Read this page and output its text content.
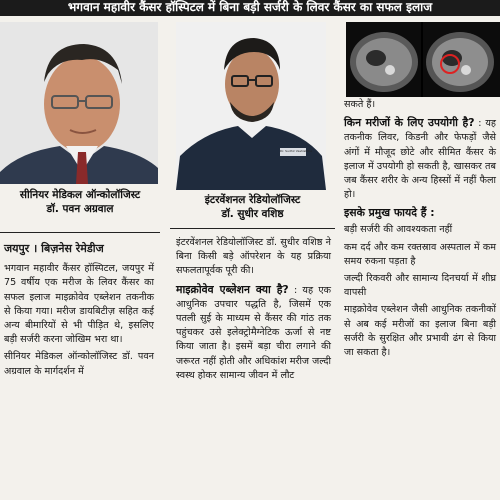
भगवान महावीर कैंसर हॉस्पिटल में बिना बड़ी सर्जरी के लिवर कैंसर का सफल इलाज
Dr. Sudhir Vashishtha
सीनियर मेडिकल ऑन्कोलॉजिस्ट
डॉ. पवन अग्रवाल
इंटरवेंशनल रेडियोलॉजिस्ट
डॉ. सुधीर वशिष्ठ
जयपुर । बिज़नेस रेमेडीज

भगवान महावीर कैंसर हॉस्पिटल, जयपुर में 75 वर्षीय एक मरीज के लिवर कैंसर का सफल इलाज माइक्रोवेव एब्लेशन तकनीक से किया गया। मरीज डायबिटीज़ सहित कई अन्य बीमारियों से भी पीड़ित थे, इसलिए बड़ी सर्जरी करना जोखिम भरा था।

सीनियर मेडिकल ऑन्कोलॉजिस्ट डॉ. पवन अग्रवाल के मार्गदर्शन में

इंटरवेंशनल रेडियोलॉजिस्ट डॉ. सुधीर वशिष्ठ ने बिना किसी बड़े ऑपरेशन के यह प्रक्रिया सफलतापूर्वक पूरी की।

माइक्रोवेव एब्लेशन क्या है? : यह एक आधुनिक उपचार पद्धति है, जिसमें एक पतली सुई के माध्यम से कैंसर की गांठ तक पहुंचकर उसे इलेक्ट्रोमैग्नेटिक ऊर्जा से नष्ट किया जाता है। इसमें बड़ा चीरा लगाने की जरूरत नहीं होती और अधिकांश मरीज जल्दी स्वस्थ होकर सामान्य जीवन में लौट

सकते हैं।

किन मरीजों के लिए उपयोगी है? : यह तकनीक लिवर, किडनी और फेफड़ों जैसे अंगों में मौजूद छोटे और सीमित कैंसर के इलाज में उपयोगी हो सकती है, खासकर तब जब कैंसर शरीर के अन्य हिस्सों में नहीं फैला हो।

इसके प्रमुख फायदे हैं :

बड़ी सर्जरी की आवश्यकता नहीं

कम दर्द और कम रक्तस्राव अस्पताल में कम समय रुकना पड़ता है

जल्दी रिकवरी और सामान्य दिनचर्या में शीघ्र वापसी

माइक्रोवेव एब्लेशन जैसी आधुनिक तकनीकों से अब कई मरीजों का इलाज बिना बड़ी सर्जरी के सुरक्षित और प्रभावी ढंग से किया जा सकता है।
